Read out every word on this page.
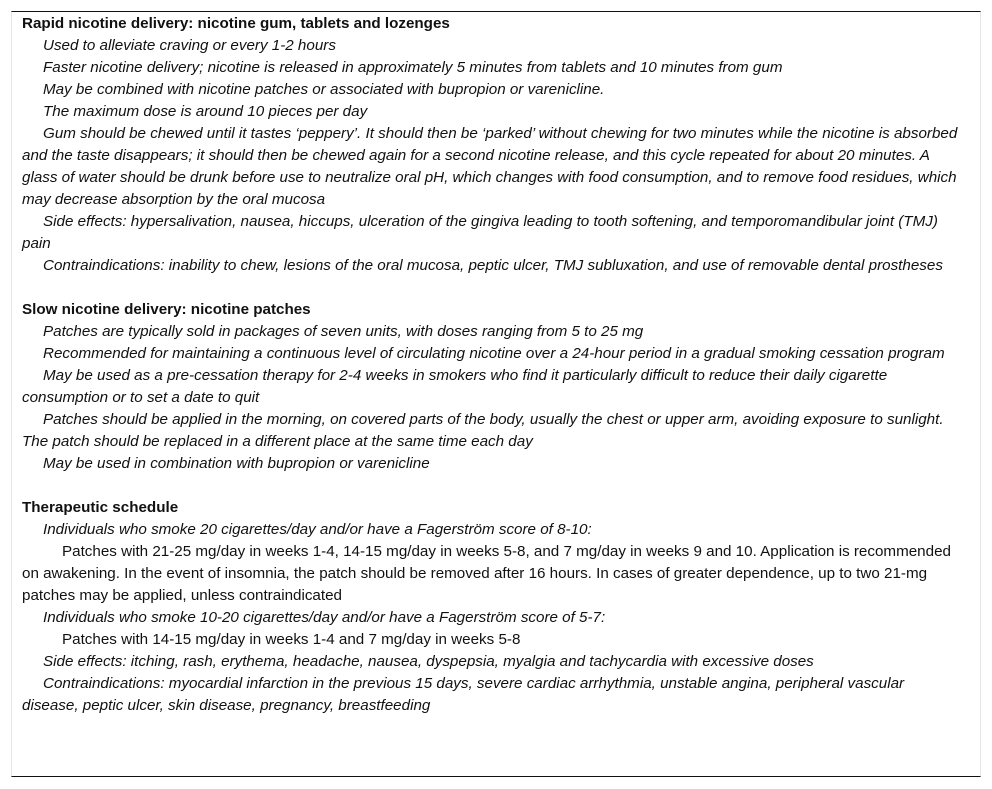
Rapid nicotine delivery: nicotine gum, tablets and lozenges
Used to alleviate craving or every 1-2 hours
Faster nicotine delivery; nicotine is released in approximately 5 minutes from tablets and 10 minutes from gum
May be combined with nicotine patches or associated with bupropion or varenicline.
The maximum dose is around 10 pieces per day
Gum should be chewed until it tastes ‘peppery’. It should then be ‘parked’ without chewing for two minutes while the nicotine is absorbed and the taste disappears; it should then be chewed again for a second nicotine release, and this cycle repeated for about 20 minutes. A glass of water should be drunk before use to neutralize oral pH, which changes with food consumption, and to remove food residues, which may decrease absorption by the oral mucosa
Side effects: hypersalivation, nausea, hiccups, ulceration of the gingiva leading to tooth softening, and temporomandibular joint (TMJ) pain
Contraindications: inability to chew, lesions of the oral mucosa, peptic ulcer, TMJ subluxation, and use of removable dental prostheses
Slow nicotine delivery: nicotine patches
Patches are typically sold in packages of seven units, with doses ranging from 5 to 25 mg
Recommended for maintaining a continuous level of circulating nicotine over a 24-hour period in a gradual smoking cessation program
May be used as a pre-cessation therapy for 2-4 weeks in smokers who find it particularly difficult to reduce their daily cigarette consumption or to set a date to quit
Patches should be applied in the morning, on covered parts of the body, usually the chest or upper arm, avoiding exposure to sunlight. The patch should be replaced in a different place at the same time each day
May be used in combination with bupropion or varenicline
Therapeutic schedule
Individuals who smoke 20 cigarettes/day and/or have a Fagerström score of 8-10:
Patches with 21-25 mg/day in weeks 1-4, 14-15 mg/day in weeks 5-8, and 7 mg/day in weeks 9 and 10. Application is recommended on awakening. In the event of insomnia, the patch should be removed after 16 hours. In cases of greater dependence, up to two 21-mg patches may be applied, unless contraindicated
Individuals who smoke 10-20 cigarettes/day and/or have a Fagerström score of 5-7:
Patches with 14-15 mg/day in weeks 1-4 and 7 mg/day in weeks 5-8
Side effects: itching, rash, erythema, headache, nausea, dyspepsia, myalgia and tachycardia with excessive doses
Contraindications: myocardial infarction in the previous 15 days, severe cardiac arrhythmia, unstable angina, peripheral vascular disease, peptic ulcer, skin disease, pregnancy, breastfeeding
